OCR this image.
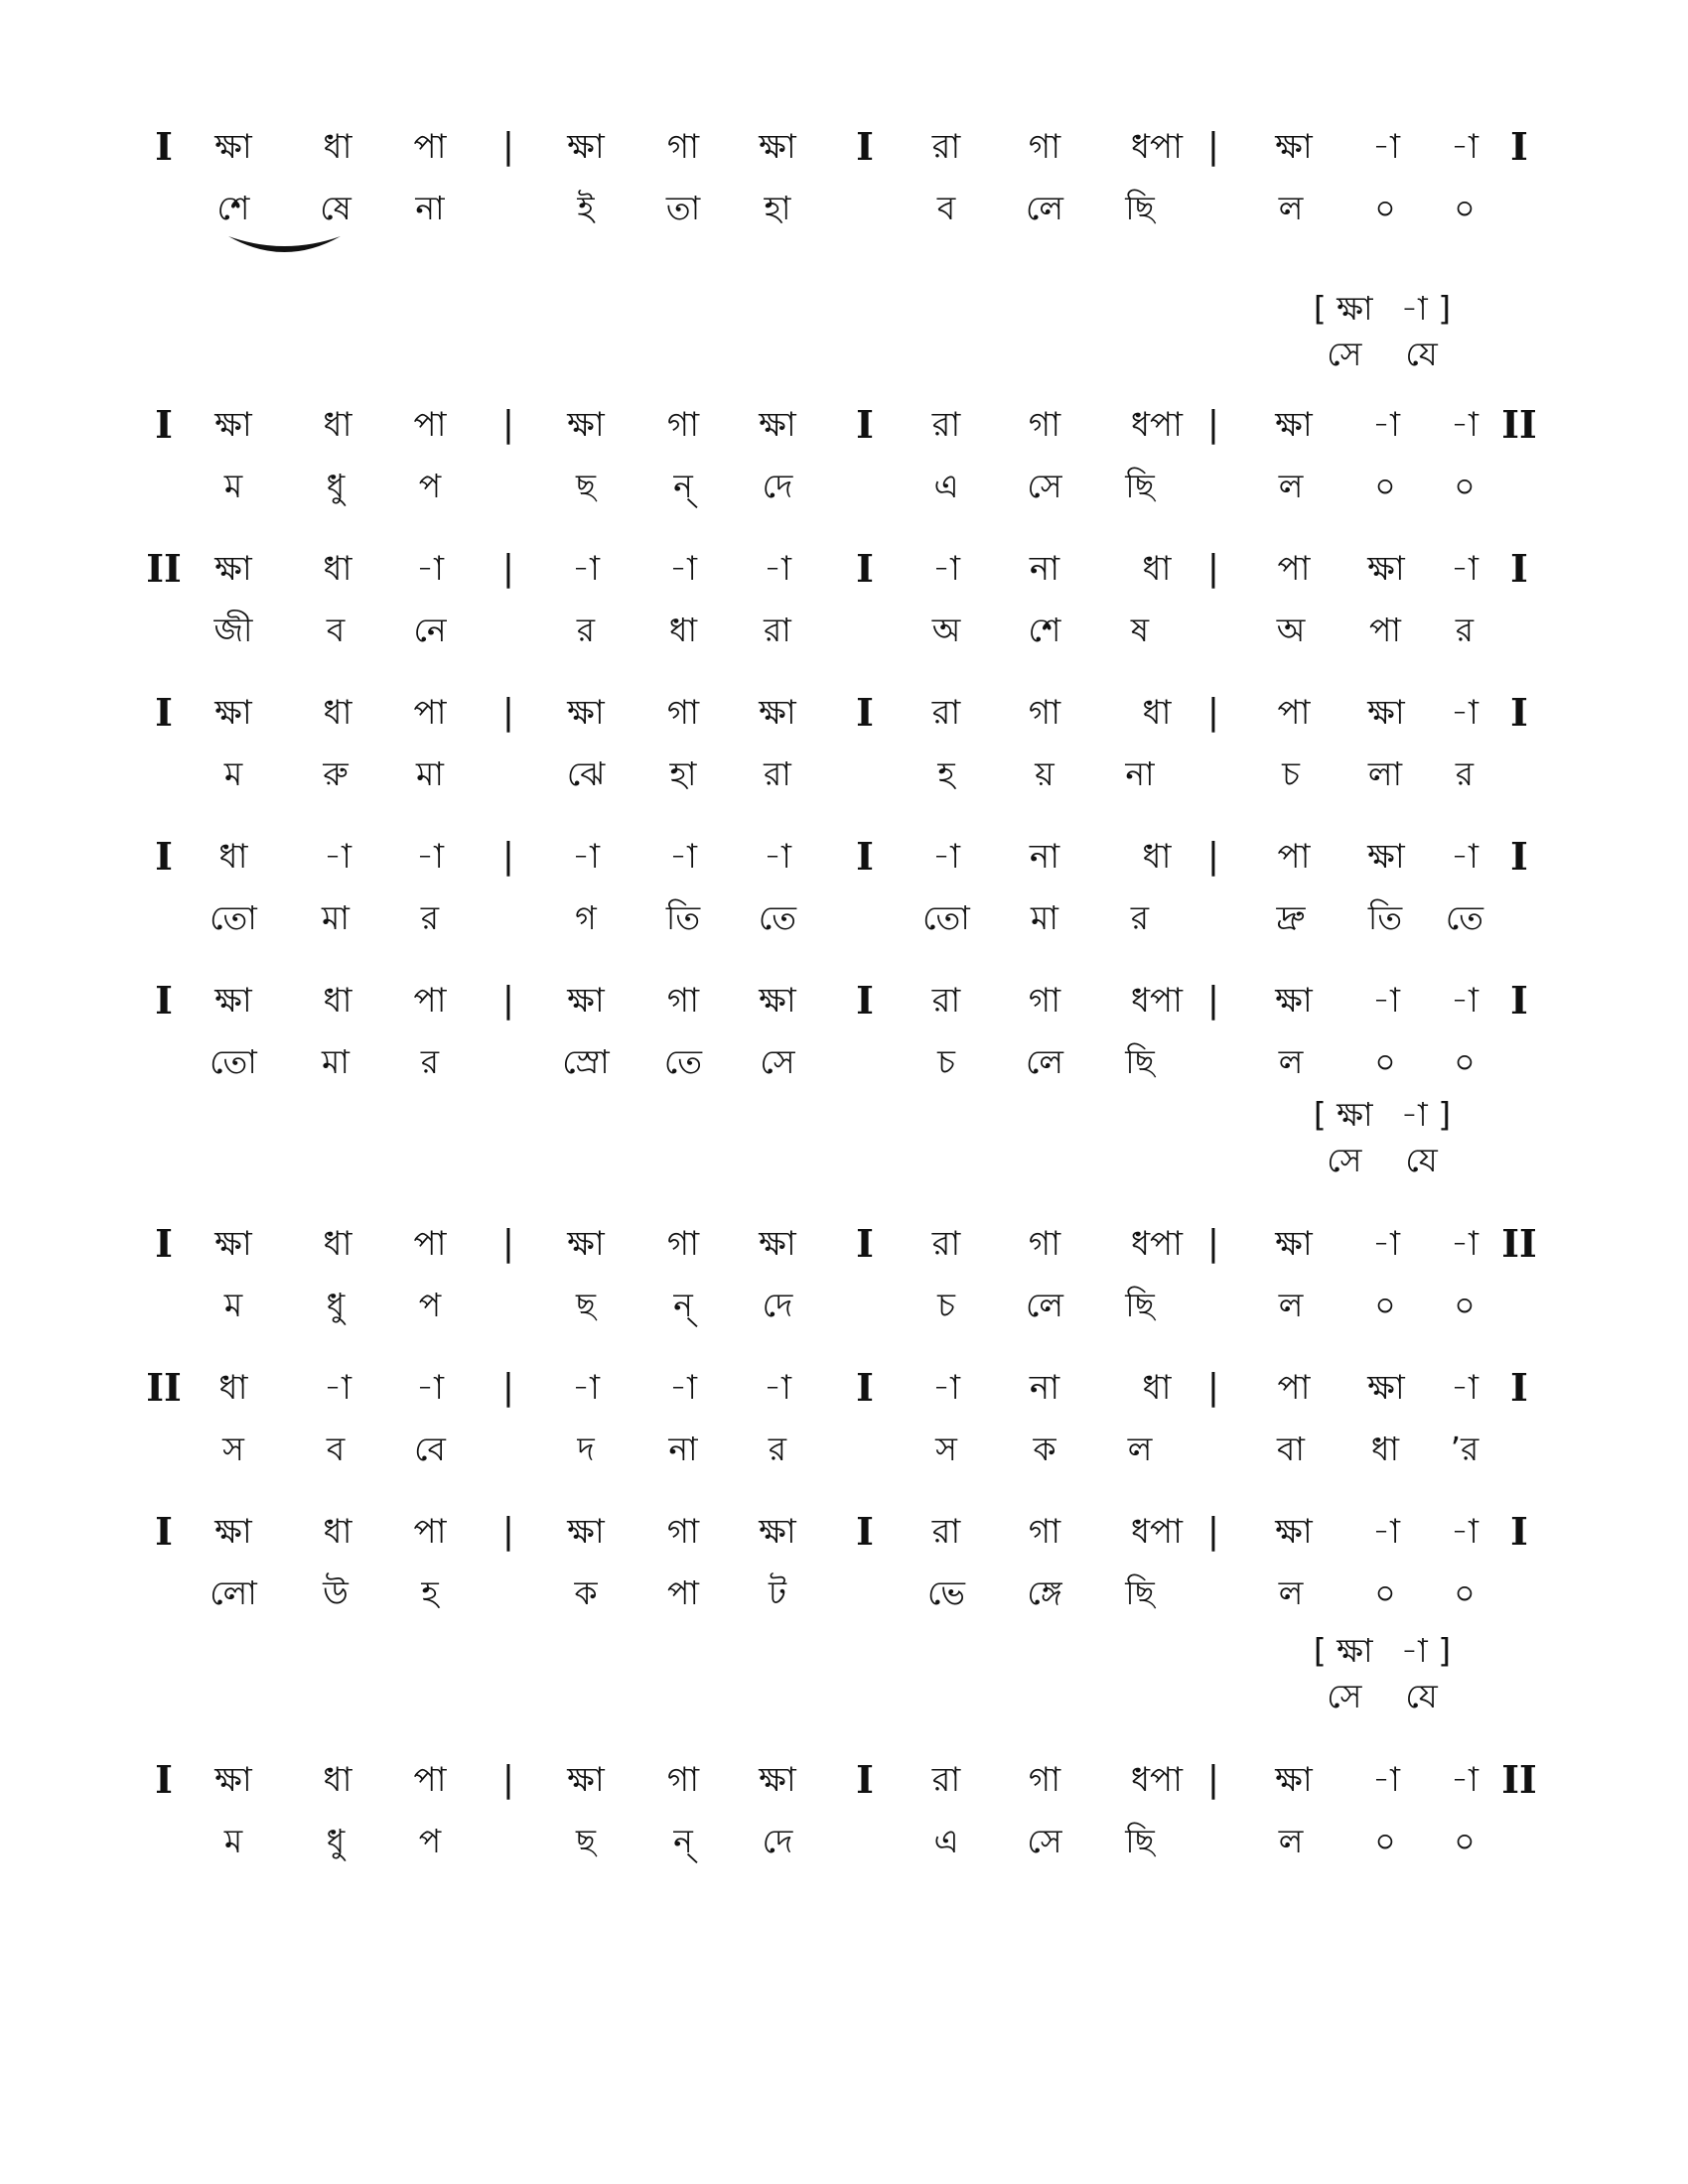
I	ক্ষা	ধা	পা	|	ক্ষা	গা	ক্ষা	I	রা	গা	ধপা |	ক্ষা	-া	-া I
শে	ষে	না	ই	তা	হা	ব	লে	ছি	ল	০	০
[ ক্ষা -া ]
সে যে
I	ক্ষা	ধা	পা	|	ক্ষা	গা	ক্ষা	I	রা	গা	ধপা |	ক্ষা	-া	-া II
ম	ধু	প	ছ	ন্	দে	এ	সে	ছি	ল	০	০
II ক্ষা	ধা	-া	|	-া	-া	-া	I	-া	না	ধা	|	পা	ক্ষা	-া I
জী	ব	নে	র	ধা	রা	অ	শে	ষ	অ	পা	র
I	ক্ষা	ধা	পা	|	ক্ষা	গা	ক্ষা	I	রা	গা	ধা	|	পা	ক্ষা	-া I
ম	রু	মা	ঝে	হা	রা	হ	য়	না	চ	লা	র
I	ধা	-া	-া	|	-া	-া	-া	I	-া	না	ধা	|	পা	ক্ষা	-া I
তো	মা	র	গ	তি	তে	তো	মা	র	দ্রু	তি	তে
I	ক্ষা	ধা	পা	|	ক্ষা	গা	ক্ষা	I	রা	গা	ধপা |	ক্ষা	-া	-া I
তো	মা	র	স্রো	তে	সে	চ	লে	ছি	ল	০	০
[ ক্ষা -া ]
সে যে
I	ক্ষা	ধা	পা	|	ক্ষা	গা	ক্ষা	I	রা	গা	ধপা |	ক্ষা	-া	-া II
ম	ধু	প	ছ	ন্	দে	চ	লে	ছি	ল	০	০
II	ধা	-া	-া	|	-া	-া	-া	I	-া	না	ধা	|	পা	ক্ষা	-া I
স	ব	বে	দ	না	র	স	ক	ল	বা	ধা	’র
I	ক্ষা	ধা	পা	|	ক্ষা	গা	ক্ষা	I	রা	গা	ধপা |	ক্ষা	-া	-া I
লো	উ	হ	ক	পা	ট	ভে	ঙ্গে	ছি	ল	০	০
[ ক্ষা -া ]
সে যে
I	ক্ষা	ধা	পা	|	ক্ষা	গা	ক্ষা	I	রা	গা	ধপা |	ক্ষা	-া	-া II
ম	ধু	প	ছ	ন্	দে	এ	সে	ছি	ল	০	০
